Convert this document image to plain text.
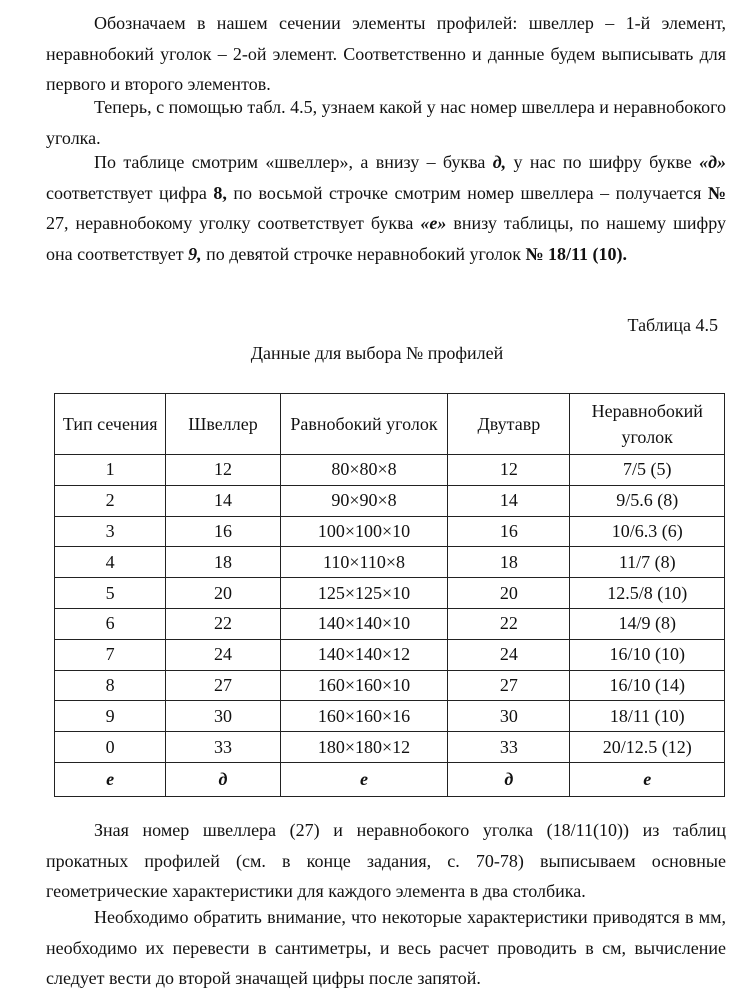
Обозначаем в нашем сечении элементы профилей: швеллер – 1-й элемент, неравнобокий уголок – 2-ой элемент. Соответственно и данные будем выписывать для первого и второго элементов.

Теперь, с помощью табл. 4.5, узнаем какой у нас номер швеллера и неравнобокого уголка.

По таблице смотрим «швеллер», а внизу – буква д, у нас по шифру букве «д» соответствует цифра 8, по восьмой строчке смотрим номер швеллера – получается № 27, неравнобокому уголку соответствует буква «е» внизу таблицы, по нашему шифру она соответствует 9, по девятой строчке неравнобокий уголок № 18/11 (10).

Таблица 4.5
Данные для выбора № профилей
Тип сечения	Швеллер	Равнобокий уголок	Двутавр	Неравнобокий уголок
1	12	80×80×8	12	7/5 (5)
2	14	90×90×8	14	9/5.6 (8)
3	16	100×100×10	16	10/6.3 (6)
4	18	110×110×8	18	11/7 (8)
5	20	125×125×10	20	12.5/8 (10)
6	22	140×140×10	22	14/9 (8)
7	24	140×140×12	24	16/10 (10)
8	27	160×160×10	27	16/10 (14)
9	30	160×160×16	30	18/11 (10)
0	33	180×180×12	33	20/12.5 (12)
е	д	е	д	е

Зная номер швеллера (27) и неравнобокого уголка (18/11(10)) из таблиц прокатных профилей (см. в конце задания, с. 70-78) выписываем основные геометрические характеристики для каждого элемента в два столбика.

Необходимо обратить внимание, что некоторые характеристики приводятся в мм, необходимо их перевести в сантиметры, и весь расчет проводить в см, вычисление следует вести до второй значащей цифры после запятой.
